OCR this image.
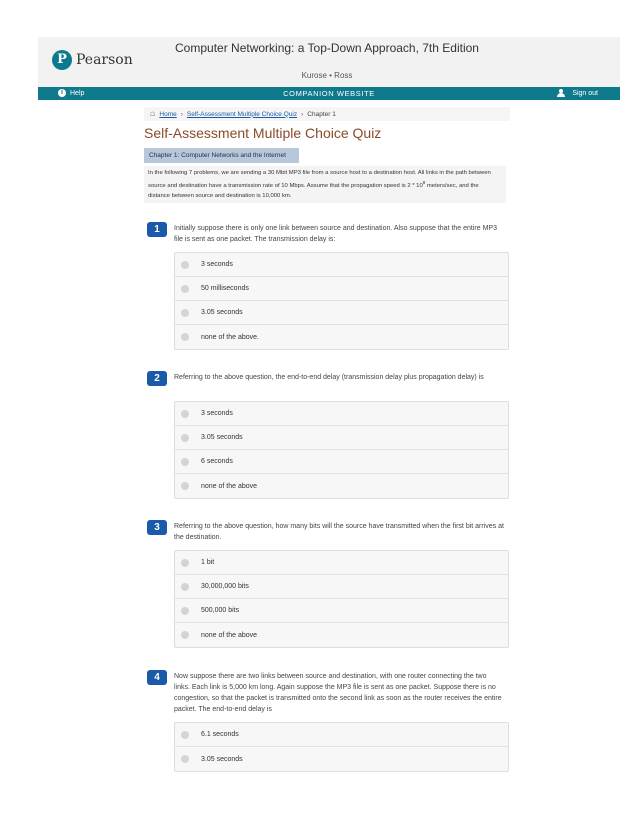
P Pearson
Computer Networking: a Top-Down Approach, 7th Edition
Kurose • Ross
i	Help	COMPANION WEBSITE	Sign out
☖ Home › Self-Assessment Multiple Choice Quiz › Chapter 1
Self-Assessment Multiple Choice Quiz
Chapter 1: Computer Networks and the Internet
In the following 7 problems, we are sending a 30 Mbit MP3 file from a source host to a destination host. All links in the path between source and destination have a transmission rate of 10 Mbps. Assume that the propagation speed is $2 * 10^8$ meters/sec, and the distance between source and destination is 10,000 km.
1	Initially suppose there is only one link between source and destination. Also suppose that the entire MP3 file is sent as one packet. The transmission delay is:
3 seconds
50 milliseconds
3.05 seconds
none of the above.
2	Referring to the above question, the end-to-end delay (transmission delay plus propagation delay) is
3 seconds
3.05 seconds
6 seconds
none of the above
3	Referring to the above question, how many bits will the source have transmitted when the first bit arrives at the destination.
1 bit
30,000,000 bits
500,000 bits
none of the above
4	Now suppose there are two links between source and destination, with one router connecting the two links. Each link is 5,000 km long. Again suppose the MP3 file is sent as one packet. Suppose there is no congestion, so that the packet is transmitted onto the second link as soon as the router receives the entire packet. The end-to-end delay is
6.1 seconds
3.05 seconds
